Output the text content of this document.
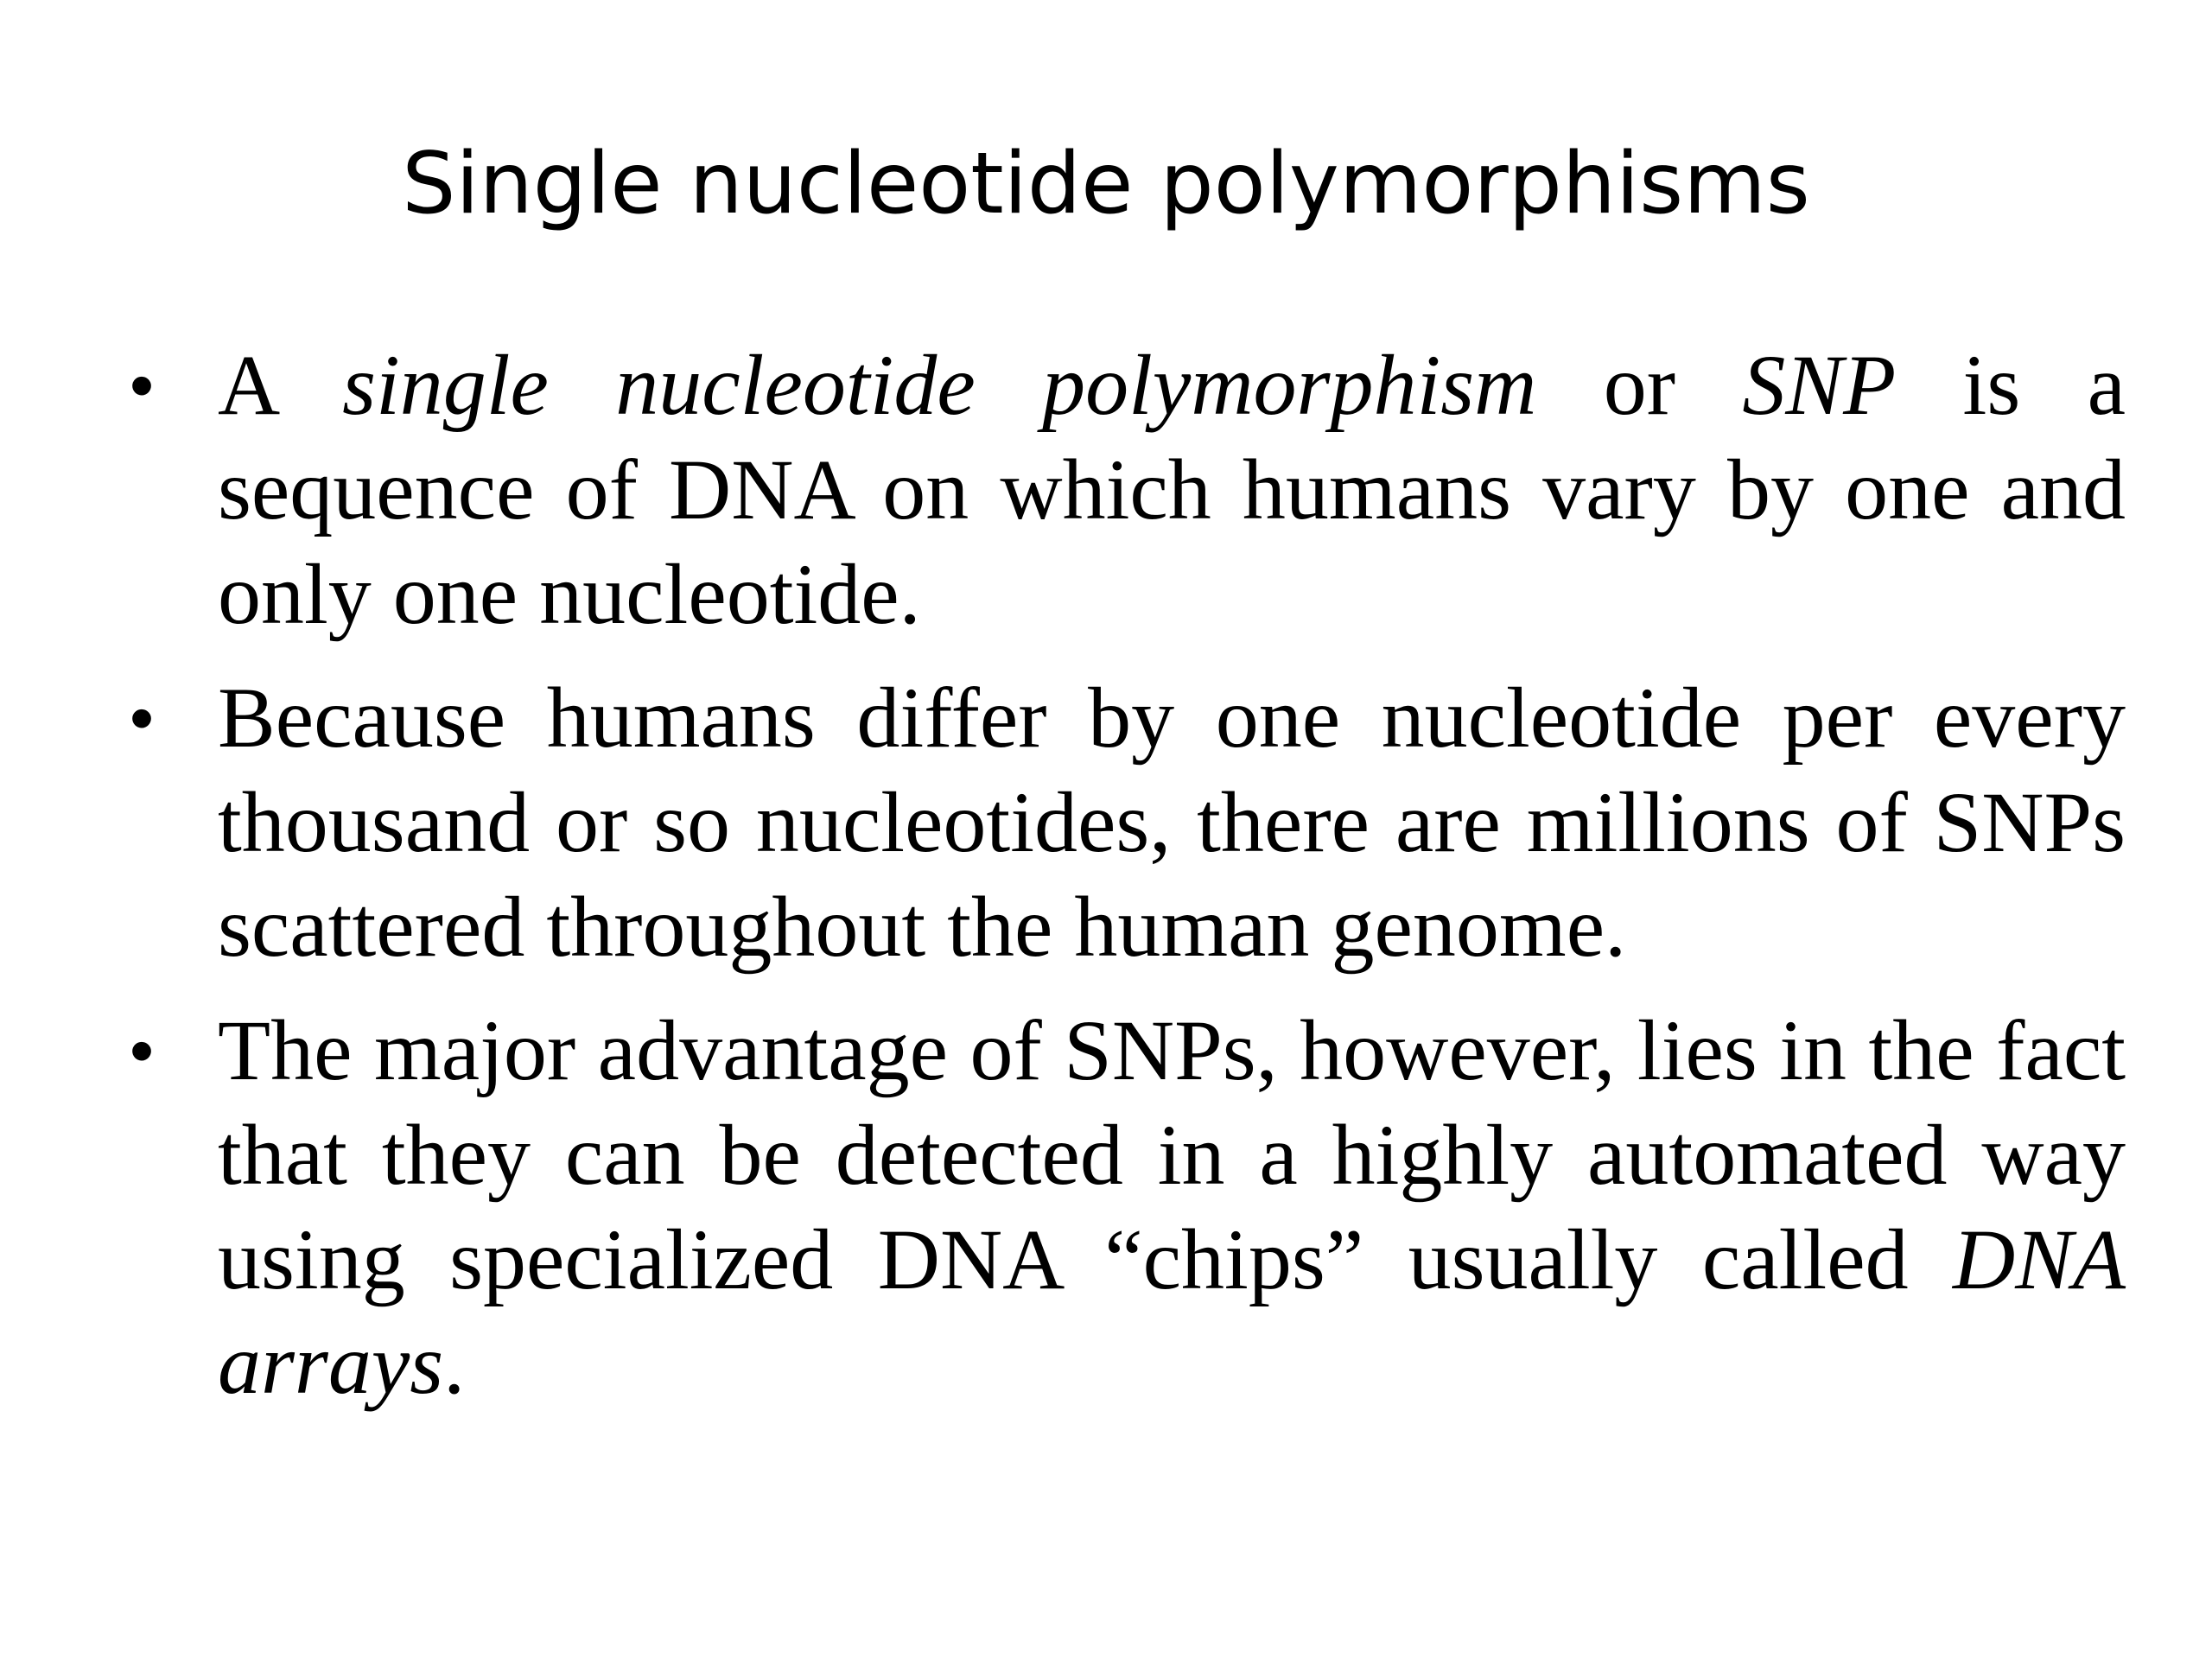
Single nucleotide polymorphisms
• A single nucleotide polymorphism or SNP is a sequence of DNA on which humans vary by one and only one nucleotide.
• Because humans differ by one nucleotide per every thousand or so nucleotides, there are millions of SNPs scattered throughout the human genome.
• The major advantage of SNPs, however, lies in the fact that they can be detected in a highly automated way using specialized DNA “chips” usually called DNA arrays.
